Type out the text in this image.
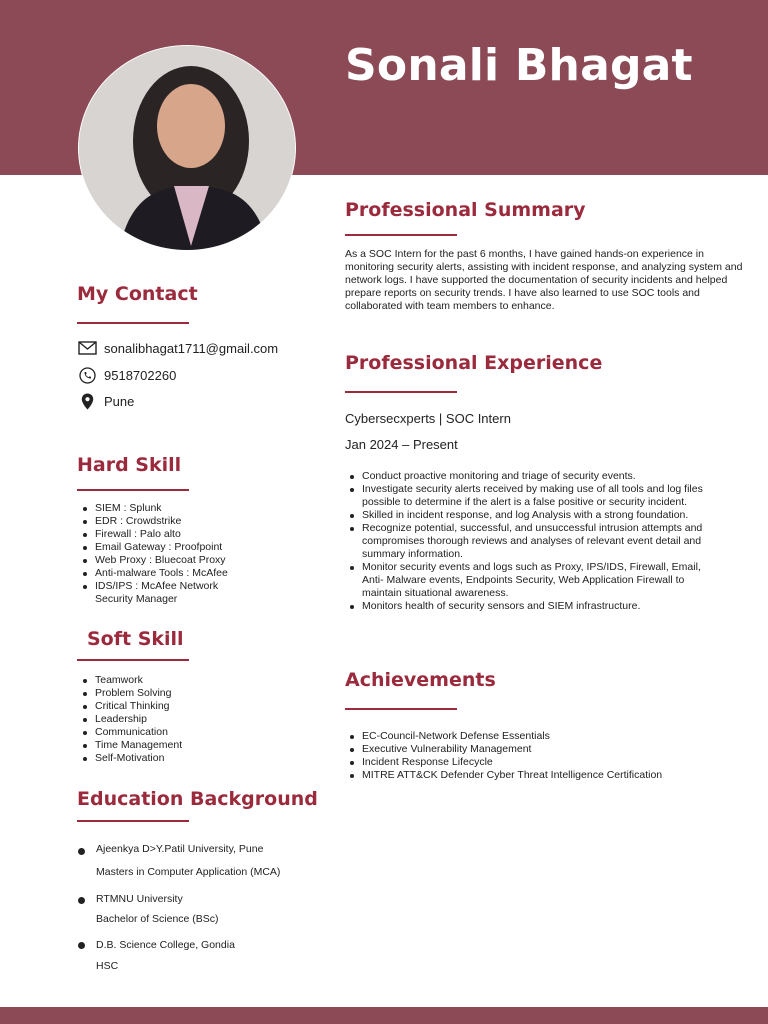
Sonali Bhagat
My Contact
sonalibhagat1711@gmail.com
9518702260
Pune
Hard Skill
SIEM : Splunk
EDR : Crowdstrike
Firewall : Palo alto
Email Gateway : Proofpoint
Web Proxy : Bluecoat Proxy
Anti-malware Tools : McAfee
IDS/IPS : McAfee Network Security Manager
Soft Skill
Teamwork
Problem Solving
Critical Thinking
Leadership
Communication
Time Management
Self-Motivation
Education Background
Ajeenkya D>Y.Patil University, Pune
Masters in Computer Application (MCA)
RTMNU University
Bachelor of Science (BSc)
D.B. Science College, Gondia
HSC
Professional Summary
As a SOC Intern for the past 6 months, I have gained hands-on experience in monitoring security alerts, assisting with incident response, and analyzing system and network logs. I have supported the documentation of security incidents and helped prepare reports on security trends. I have also learned to use SOC tools and collaborated with team members to enhance.
Professional Experience
Cybersecxperts | SOC Intern
Jan 2024 – Present
Conduct proactive monitoring and triage of security events.
Investigate security alerts received by making use of all tools and log files possible to determine if the alert is a false positive or security incident.
Skilled in incident response, and log Analysis with a strong foundation.
Recognize potential, successful, and unsuccessful intrusion attempts and compromises thorough reviews and analyses of relevant event detail and summary information.
Monitor security events and logs such as Proxy, IPS/IDS, Firewall, Email, Anti- Malware events, Endpoints Security, Web Application Firewall to maintain situational awareness.
Monitors health of security sensors and SIEM infrastructure.
Achievements
EC-Council-Network Defense Essentials
Executive Vulnerability Management
Incident Response Lifecycle
MITRE ATT&CK Defender Cyber Threat Intelligence Certification
